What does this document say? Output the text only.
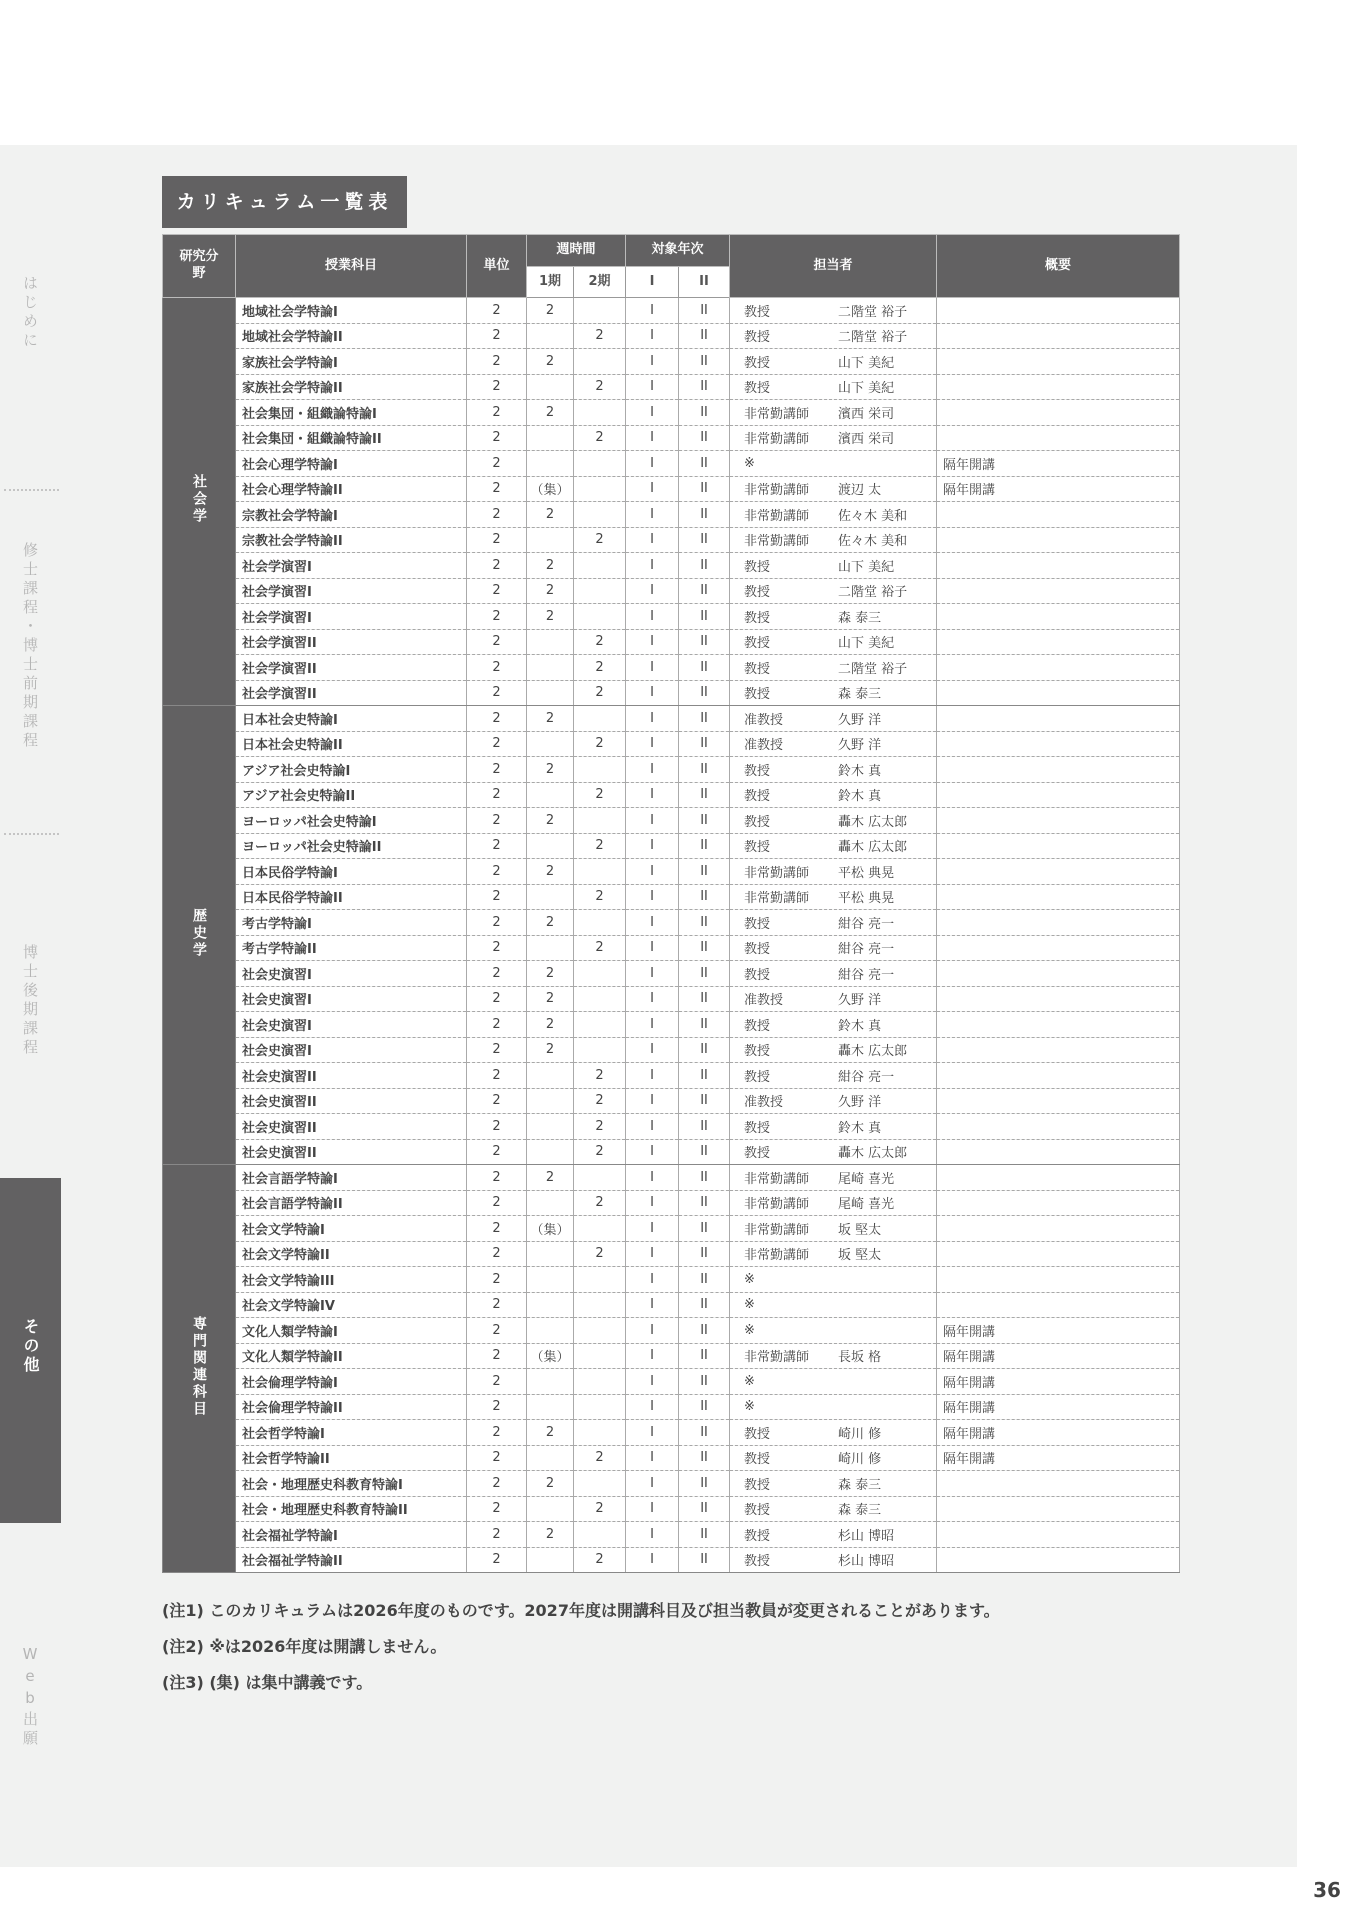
カリキュラム一覧表
研究分野	授業科目	単位	週時間		対象年次		担当者	概要
			1期	2期	I	II		
社会学	地域社会学特論I	2	2		I	II	教授 二階堂 裕子	
	地域社会学特論II	2		2	I	II	教授 二階堂 裕子	
	家族社会学特論I	2	2		I	II	教授 山下 美紀	
	家族社会学特論II	2		2	I	II	教授 山下 美紀	
	社会集団・組織論特論I	2	2		I	II	非常勤講師 濱西 栄司	
	社会集団・組織論特論II	2		2	I	II	非常勤講師 濱西 栄司	
	社会心理学特論I	2			I	II	※	隔年開講
	社会心理学特論II	2	（集）		I	II	非常勤講師 渡辺 太	隔年開講
	宗教社会学特論I	2	2		I	II	非常勤講師 佐々木 美和	
	宗教社会学特論II	2		2	I	II	非常勤講師 佐々木 美和	
	社会学演習I	2	2		I	II	教授 山下 美紀	
	社会学演習I	2	2		I	II	教授 二階堂 裕子	
	社会学演習I	2	2		I	II	教授 森 泰三	
	社会学演習II	2		2	I	II	教授 山下 美紀	
	社会学演習II	2		2	I	II	教授 二階堂 裕子	
	社会学演習II	2		2	I	II	教授 森 泰三	
歴史学	日本社会史特論I	2	2		I	II	准教授 久野 洋	
	日本社会史特論II	2		2	I	II	准教授 久野 洋	
	アジア社会史特論I	2	2		I	II	教授 鈴木 真	
	アジア社会史特論II	2		2	I	II	教授 鈴木 真	
	ヨーロッパ社会史特論I	2	2		I	II	教授 轟木 広太郎	
	ヨーロッパ社会史特論II	2		2	I	II	教授 轟木 広太郎	
	日本民俗学特論I	2	2		I	II	非常勤講師 平松 典晃	
	日本民俗学特論II	2		2	I	II	非常勤講師 平松 典晃	
	考古学特論I	2	2		I	II	教授 紺谷 亮一	
	考古学特論II	2		2	I	II	教授 紺谷 亮一	
	社会史演習I	2	2		I	II	教授 紺谷 亮一	
	社会史演習I	2	2		I	II	准教授 久野 洋	
	社会史演習I	2	2		I	II	教授 鈴木 真	
	社会史演習I	2	2		I	II	教授 轟木 広太郎	
	社会史演習II	2		2	I	II	教授 紺谷 亮一	
	社会史演習II	2		2	I	II	准教授 久野 洋	
	社会史演習II	2		2	I	II	教授 鈴木 真	
	社会史演習II	2		2	I	II	教授 轟木 広太郎	
専門関連科目	社会言語学特論I	2	2		I	II	非常勤講師 尾崎 喜光	
	社会言語学特論II	2		2	I	II	非常勤講師 尾崎 喜光	
	社会文学特論I	2	（集）		I	II	非常勤講師 坂 堅太	
	社会文学特論II	2		2	I	II	非常勤講師 坂 堅太	
	社会文学特論III	2			I	II	※	
	社会文学特論IV	2			I	II	※	
	文化人類学特論I	2			I	II	※	隔年開講
	文化人類学特論II	2	（集）		I	II	非常勤講師 長坂 格	隔年開講
	社会倫理学特論I	2			I	II	※	隔年開講
	社会倫理学特論II	2			I	II	※	隔年開講
	社会哲学特論I	2	2		I	II	教授 崎川 修	隔年開講
	社会哲学特論II	2		2	I	II	教授 崎川 修	隔年開講
	社会・地理歴史科教育特論I	2	2		I	II	教授 森 泰三	
	社会・地理歴史科教育特論II	2		2	I	II	教授 森 泰三	
	社会福祉学特論I	2	2		I	II	教授 杉山 博昭	
	社会福祉学特論II	2		2	I	II	教授 杉山 博昭	
(注1) このカリキュラムは2026年度のものです。2027年度は開講科目及び担当教員が変更されることがあります。
(注2) ※は2026年度は開講しません。
(注3) (集) は集中講義です。
はじめに
修士課程・博士前期課程
博士後期課程
その他
Web出願
36
